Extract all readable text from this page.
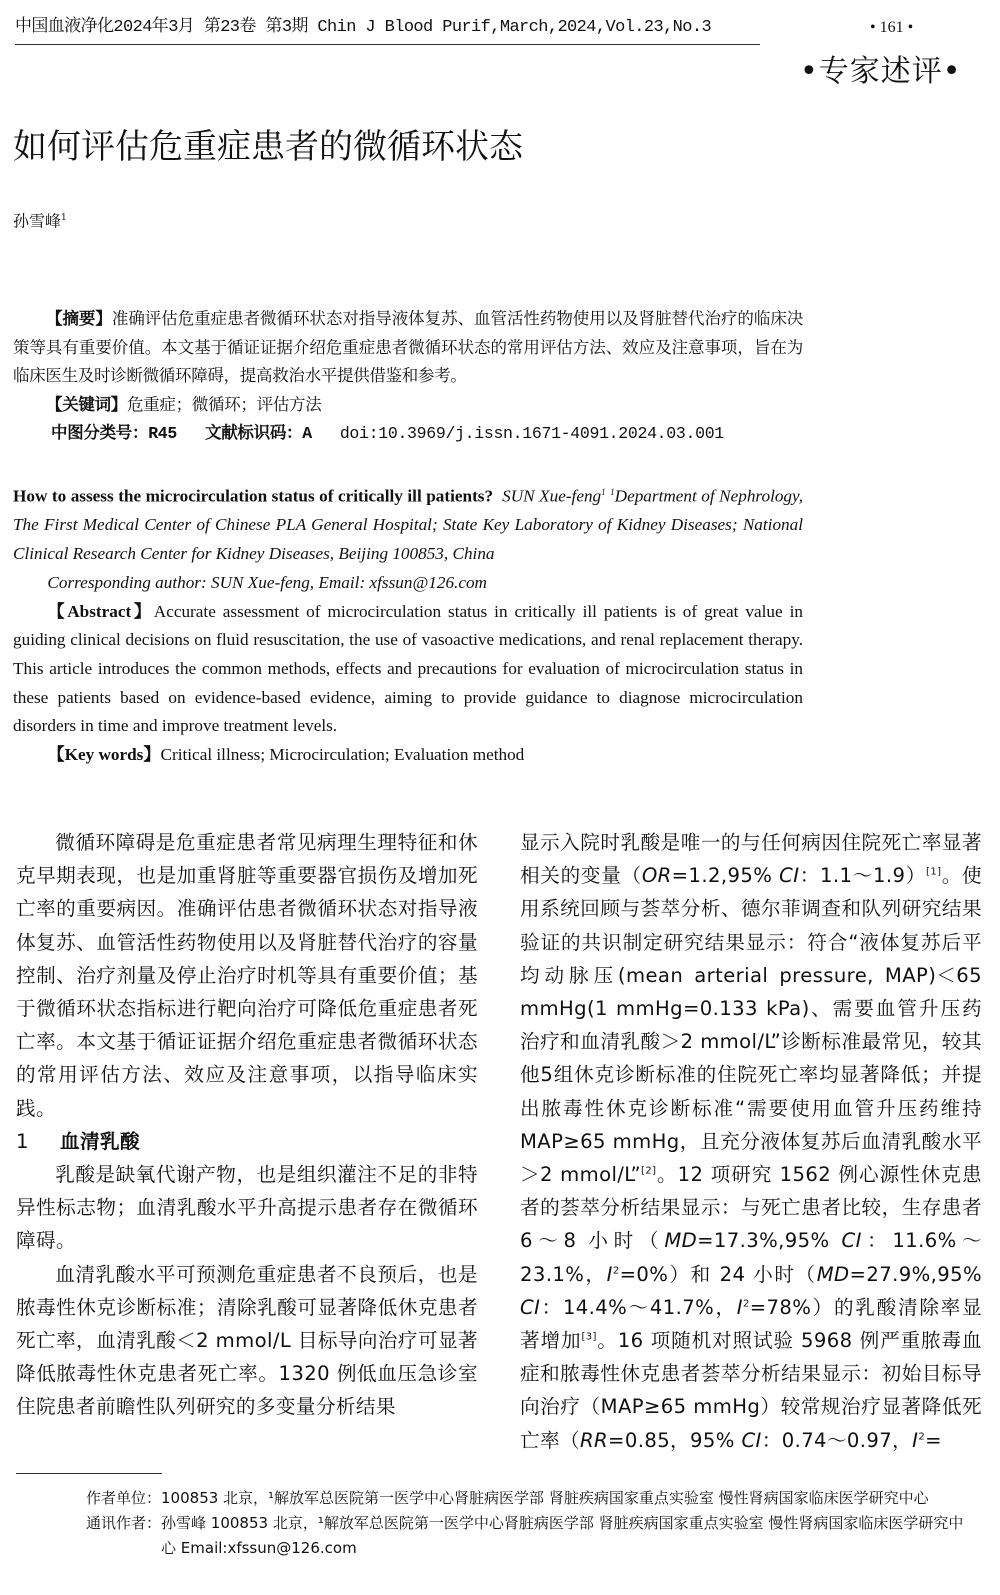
中国血液净化2024年3月 第23卷 第3期 Chin J Blood Purif,March,2024,Vol.23,No.3	• 161 •
•专家述评•
如何评估危重症患者的微循环状态
孙雪峰$^1$

【摘要】准确评估危重症患者微循环状态对指导液体复苏、血管活性药物使用以及肾脏替代治疗的临床决策等具有重要价值。本文基于循证证据介绍危重症患者微循环状态的常用评估方法、效应及注意事项，旨在为临床医生及时诊断微循环障碍，提高救治水平提供借鉴和参考。

【关键词】危重症；微循环；评估方法

中图分类号：R45 文献标识码：A doi:10.3969/j.issn.1671-4091.2024.03.001

How to assess the microcirculation status of critically ill patients? SUN Xue-feng$^1$ $^1$Department of Nephrology, The First Medical Center of Chinese PLA General Hospital; State Key Laboratory of Kidney Diseases; National Clinical Research Center for Kidney Diseases, Beijing 100853, China

Corresponding author: SUN Xue-feng, Email: xfssun@126.com

【Abstract】Accurate assessment of microcirculation status in critically ill patients is of great value in guiding clinical decisions on fluid resuscitation, the use of vasoactive medications, and renal replacement therapy. This article introduces the common methods, effects and precautions for evaluation of microcirculation status in these patients based on evidence-based evidence, aiming to provide guidance to diagnose microcirculation disorders in time and improve treatment levels.

【Key words】Critical illness; Microcirculation; Evaluation method

微循环障碍是危重症患者常见病理生理特征和休克早期表现，也是加重肾脏等重要器官损伤及增加死亡率的重要病因。准确评估患者微循环状态对指导液体复苏、血管活性药物使用以及肾脏替代治疗的容量控制、治疗剂量及停止治疗时机等具有重要价值；基于微循环状态指标进行靶向治疗可降低危重症患者死亡率。本文基于循证证据介绍危重症患者微循环状态的常用评估方法、效应及注意事项，以指导临床实践。

1 血清乳酸

乳酸是缺氧代谢产物，也是组织灌注不足的非特异性标志物；血清乳酸水平升高提示患者存在微循环障碍。

血清乳酸水平可预测危重症患者不良预后，也是脓毒性休克诊断标准；清除乳酸可显著降低休克患者死亡率，血清乳酸＜2 mmol/L 目标导向治疗可显著降低脓毒性休克患者死亡率。1320 例低血压急诊室住院患者前瞻性队列研究的多变量分析结果

显示入院时乳酸是唯一的与任何病因住院死亡率显著相关的变量（OR=1.2,95% CI：1.1～1.9）[1]。使用系统回顾与荟萃分析、德尔菲调查和队列研究结果验证的共识制定研究结果显示：符合“液体复苏后平均动脉压(mean arterial pressure, MAP)＜65 mmHg(1 mmHg=0.133 kPa)、需要血管升压药治疗和血清乳酸＞2 mmol/L”诊断标准最常见，较其他5组休克诊断标准的住院死亡率均显著降低；并提出脓毒性休克诊断标准“需要使用血管升压药维持MAP≥65 mmHg，且充分液体复苏后血清乳酸水平＞2 mmol/L”[2]。12 项研究 1562 例心源性休克患者的荟萃分析结果显示：与死亡患者比较，生存患者 6～8 小时（MD=17.3%,95% CI：11.6%～23.1%，$I^2=0\%$）和 24 小时（MD=27.9%,95% CI：14.4%～41.7%，$I^2=78\%$）的乳酸清除率显著增加[3]。16 项随机对照试验 5968 例严重脓毒血症和脓毒性休克患者荟萃分析结果显示：初始目标导向治疗（MAP≥65 mmHg）较常规治疗显著降低死亡率（RR=0.85，95% CI：0.74～0.97，$I^2=$

作者单位： 100853 北京，¹解放军总医院第一医学中心肾脏病医学部 肾脏疾病国家重点实验室 慢性肾病国家临床医学研究中心
通讯作者： 孙雪峰 100853 北京，¹解放军总医院第一医学中心肾脏病医学部 肾脏疾病国家重点实验室 慢性肾病国家临床医学研究中心 Email:xfssun@126.com
